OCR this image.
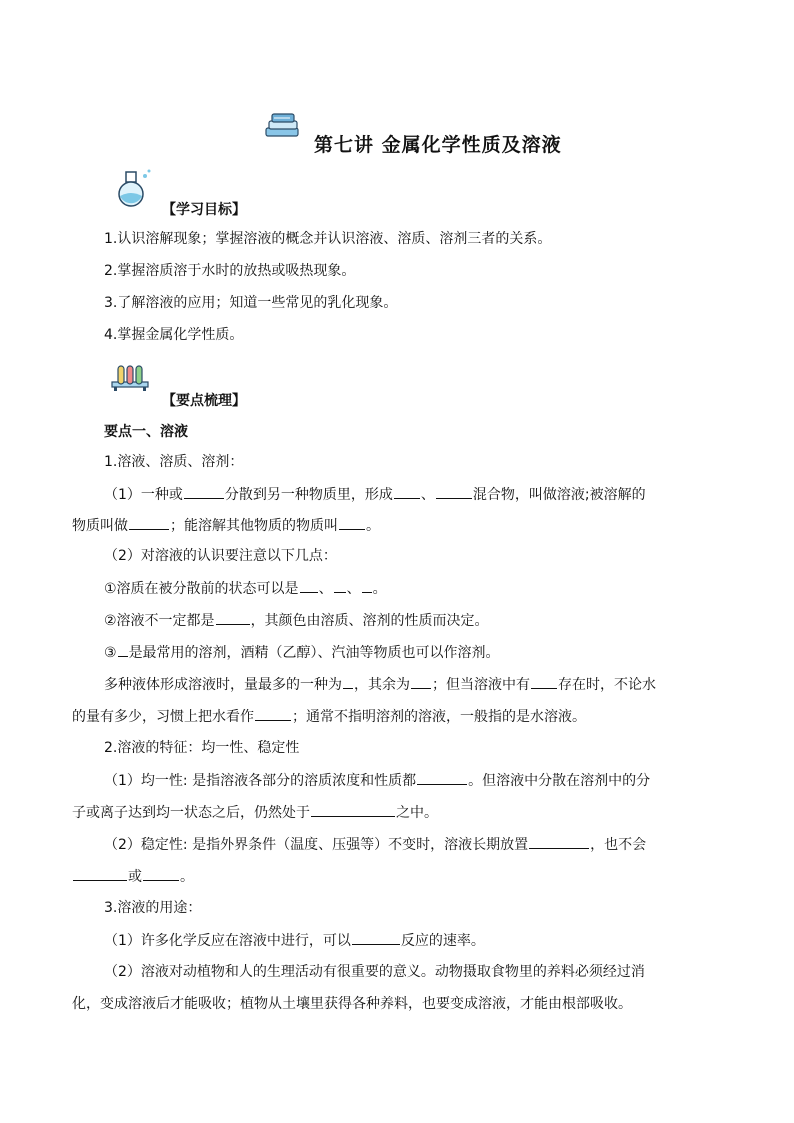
第七讲 金属化学性质及溶液
【学习目标】
1.认识溶解现象；掌握溶液的概念并认识溶液、溶质、溶剂三者的关系。
2.掌握溶质溶于水时的放热或吸热现象。
3.了解溶液的应用；知道一些常见的乳化现象。
4.掌握金属化学性质。
【要点梳理】
要点一、溶液
1.溶液、溶质、溶剂：
（1）一种或	分散到另一种物质里，形成 、	混合物，叫做溶液;被溶解的
物质叫做	；能溶解其他物质的物质叫 。
（2）对溶液的认识要注意以下几点：
①溶质在被分散前的状态可以是 、 、 。
②溶液不一定都是	，其颜色由溶质、溶剂的性质而决定。
③ 是最常用的溶剂，酒精（乙醇）、汽油等物质也可以作溶剂。
多种液体形成溶液时，量最多的一种为 ，其余为 ；但当溶液中有 存在时，不论水
的量有多少，习惯上把水看作	；通常不指明溶剂的溶液，一般指的是水溶液。
2.溶液的特征：均一性、稳定性
（1）均一性: 是指溶液各部分的溶质浓度和性质都	。但溶液中分散在溶剂中的分
子或离子达到均一状态之后，仍然处于	之中。
（2）稳定性: 是指外界条件（温度、压强等）不变时，溶液长期放置	，也不会
或	。
3.溶液的用途：
（1）许多化学反应在溶液中进行，可以	反应的速率。
（2）溶液对动植物和人的生理活动有很重要的意义。动物摄取食物里的养料必须经过消
化，变成溶液后才能吸收；植物从土壤里获得各种养料，也要变成溶液，才能由根部吸收。
